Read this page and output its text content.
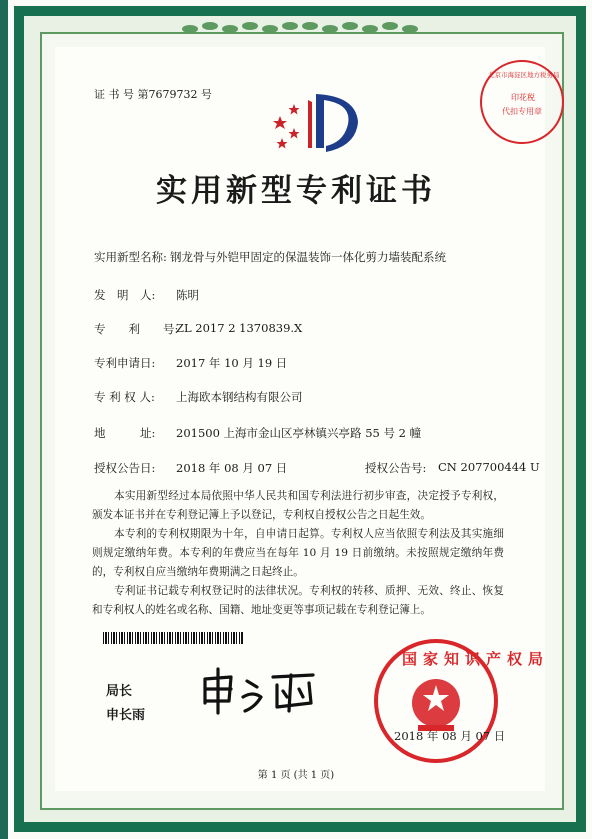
证 书 号 第7679732 号
北京市海淀区地方税务局
印花税
代扣专用章
实用新型专利证书
实用新型名称: 钢龙骨与外铠甲固定的保温装饰一体化剪力墙装配系统
发　明　人: 陈明
专　　利　　号:
ZL 2017 2 1370839.X
专利申请日: 2017 年 10 月 19 日
专 利 权 人: 上海欧本钢结构有限公司
地　　　址: 201500 上海市金山区亭林镇兴亭路 55 号 2 幢
授权公告日: 2018 年 08 月 07 日	授权公告号: CN 207700444 U
本实用新型经过本局依照中华人民共和国专利法进行初步审查，决定授予专利权，颁发本证书并在专利登记簿上予以登记，专利权自授权公告之日起生效。
本专利的专利权期限为十年，自申请日起算。专利权人应当依照专利法及其实施细则规定缴纳年费。本专利的年费应当在每年 10 月 19 日前缴纳。未按照规定缴纳年费的，专利权自应当缴纳年费期满之日起终止。
专利证书记载专利权登记时的法律状况。专利权的转移、质押、无效、终止、恢复和专利权人的姓名或名称、国籍、地址变更等事项记载在专利登记簿上。
局长
申长雨
国家知识产权局
2018 年 08 月 07 日
第 1 页 (共 1 页)
